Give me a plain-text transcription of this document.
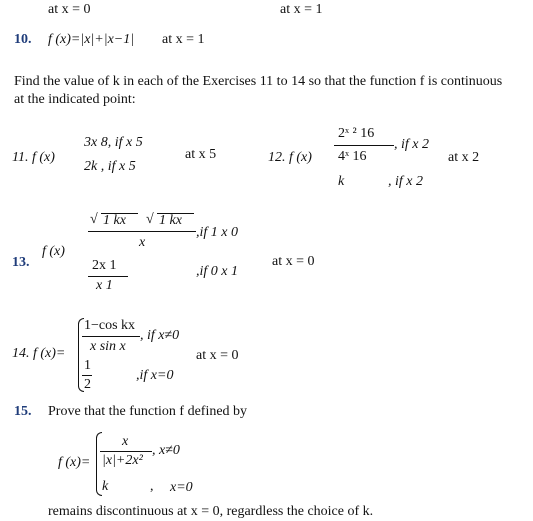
at x = 0	at x = 1
10. f (x)=|x|+|x−1| at x = 1
Find the value of k in each of the Exercises 11 to 14 so that the function f is continuous
at the indicated point:
11. f (x)
3x 8, if x 5
2k , if x 5
at x 5	12. f (x)
2ˣ ² 16
4ˣ 16
, if x 2
k	, if x 2
at x 2
13.
f (x)
√ 1 kx √ 1 kx
x
,if 1 x 0
2x 1
x 1
,if 0 x 1
at x = 0
14. f (x)=
1−cos kx
x sin x
, if x≠0
1
2
,if x=0
at x = 0
15. Prove that the function f defined by
f (x)=
x
|x|+2x²
, x≠0
k	, x=0
remains discontinuous at x = 0, regardless the choice of k.
